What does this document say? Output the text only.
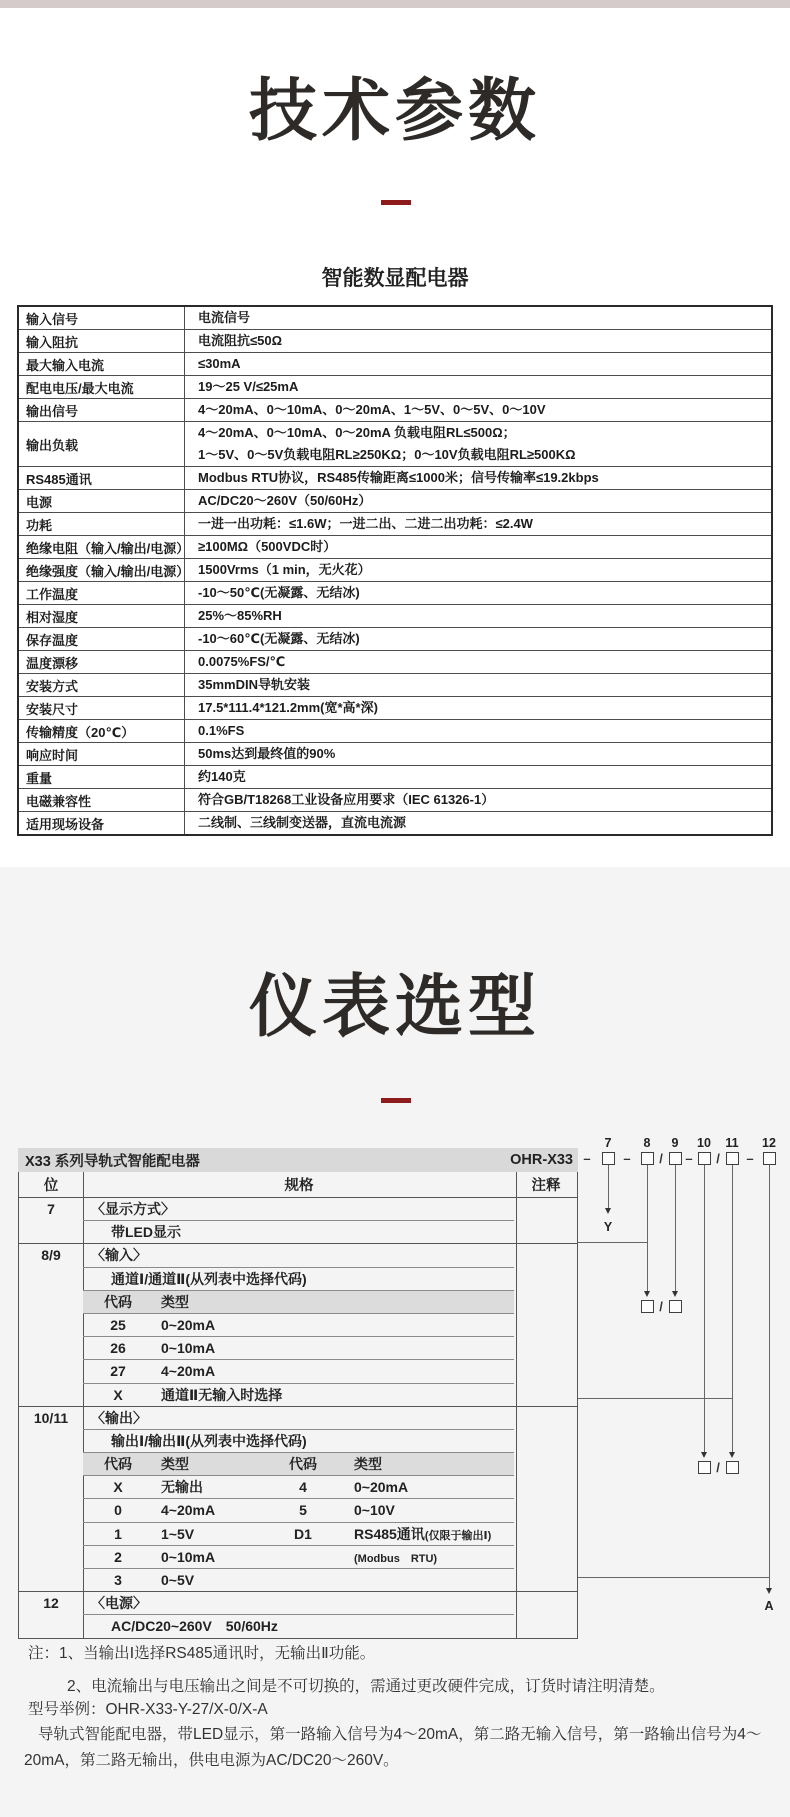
技术参数
智能数显配电器
输入信号	电流信号
输入阻抗	电流阻抗≤50Ω
最大输入电流	≤30mA
配电电压/最大电流	19～25 V/≤25mA
输出信号	4～20mA、0～10mA、0～20mA、1～5V、0～5V、0～10V
输出负载
4～20mA、0～10mA、0～20mA 负载电阻RL≤500Ω；
1～5V、0～5V负载电阻RL≥250KΩ；0～10V负载电阻RL≥500KΩ
RS485通讯	Modbus RTU协议，RS485传输距离≤1000米；信号传输率≤19.2kbps
电源	AC/DC20～260V（50/60Hz）
功耗	一进一出功耗：≤1.6W；一进二出、二进二出功耗：≤2.4W
绝缘电阻（输入/输出/电源） ≥100MΩ（500VDC时）
绝缘强度（输入/输出/电源） 1500Vrms（1 min，无火花）
工作温度	-10～50℃(无凝露、无结冰)
相对湿度	25%～85%RH
保存温度	-10～60℃(无凝露、无结冰)
温度漂移	0.0075%FS/℃
安装方式	35mmDIN导轨安装
安装尺寸	17.5*111.4*121.2mm(宽*高*深)
传输精度（20℃）	0.1%FS
响应时间	50ms达到最终值的90%
重量	约140克
电磁兼容性	符合GB/T18268工业设备应用要求（IEC 61326-1）
适用现场设备	二线制、三线制变送器，直流电流源
仪表选型
X33 系列导轨式智能配电器	OHR-X33
位	规格	注释
7	〈显示方式〉
带LED显示
8/9	〈输入〉
通道Ⅰ/通道Ⅱ(从列表中选择代码)
代码	类型
25	0~20mA
26	0~10mA
27	4~20mA
X	通道Ⅱ无输入时选择
10/11	〈输出〉
输出Ⅰ/输出Ⅱ(从列表中选择代码)
代码	类型	代码	类型
X	无输出	4	0~20mA
0	4~20mA	5	0~10V
1	1~5V	D1	RS485通讯(仅限于输出Ⅰ)
2	0~10mA	(Modbus　RTU)
3	0~5V
12	〈电源〉
AC/DC20~260V　50/60Hz
7
–
8
–
9
/
10
–
11
/
12
–
Y
/
/
A
注：1、当输出Ⅰ选择RS485通讯时，无输出Ⅱ功能。
2、电流输出与电压输出之间是不可切换的，需通过更改硬件完成，订货时请注明清楚。
型号举例：OHR-X33-Y-27/X-0/X-A
导轨式智能配电器，带LED显示，第一路输入信号为4～20mA，第二路无输入信号，第一路输出信号为4～20mA，第二路无输出，供电电源为AC/DC20～260V。
